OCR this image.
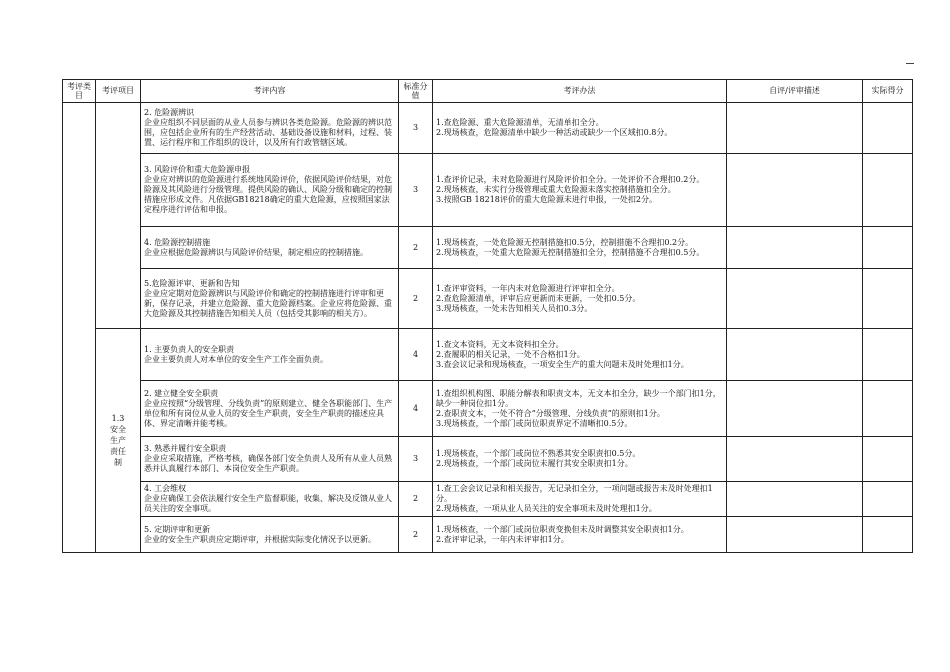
考评类目	考评项目	考评内容	标准分值	考评办法	自评/评审描述	实际得分

		2. 危险源辨识
企业应组织不同层面的从业人员参与辨识各类危险源。危险源的辨识范围，应包括企业所有的生产经营活动、基础设备设施和材料，过程、装置、运行程序和工作组织的设计，以及所有行政管辖区域。	3	1.查危险源、重大危险源清单，无清单扣全分。
2.现场核查，危险源清单中缺少一种活动或缺少一个区域扣0.8分。		

		3. 风险评价和重大危险源申报
企业应对辨识的危险源进行系统地风险评价，依据风险评价结果，对危险源及其风险进行分级管理。提供风险的确认、风险分级和确定的控制措施应形成文件。凡依据GB18218确定的重大危险源，应按照国家法定程序进行评估和申报。	3	1.查评价记录，未对危险源进行风险评价扣全分。一处评价不合理扣0.2分。
2.现场核查，未实行分级管理或重大危险源未落实控制措施扣全分。
3.按照GB 18218评价的重大危险源未进行申报，一处扣2分。		

		4. 危险源控制措施
企业应根据危险源辨识与风险评价结果，制定相应的控制措施。	2	1.现场核查，一处危险源无控制措施扣0.5分，控制措施不合理扣0.2分。
2.现场核查，一处重大危险源无控制措施扣全分，控制措施不合理扣0.5分。		

		5.危险源评审、更新和告知
企业应定期对危险源辨识与风险评价和确定的控制措施进行评审和更新，保存记录，并建立危险源、重大危险源档案。企业应将危险源、重大危险源及其控制措施告知相关人员（包括受其影响的相关方）。	2	1.查评审资料，一年内未对危险源进行评审扣全分。
2.查危险源清单，评审后应更新而未更新，一处扣0.5分。
3.现场核查，一处未告知相关人员扣0.3分。		

	1.3 安全生产责任制	1. 主要负责人的安全职责
企业主要负责人对本单位的安全生产工作全面负责。	4	1.查文本资料，无文本资料扣全分。
2.查履职的相关记录，一处不合格扣1分。
3.查会议记录和现场核查，一项安全生产的重大问题未及时处理扣1分。		

		2. 建立健全安全职责
企业应按照“分级管理、分线负责”的原则建立、健全各职能部门、生产单位和所有岗位从业人员的安全生产职责，安全生产职责的描述应具体、界定清晰并能考核。	4	1.查组织机构图、职能分解表和职责文本，无文本扣全分，缺少一个部门扣1分，缺少一种岗位扣1分。
2.查职责文本，一处不符合“分级管理、分线负责”的原则扣1分。
3.现场核查，一个部门或岗位职责界定不清晰扣0.5分。		

		3. 熟悉并履行安全职责
企业应采取措施，严格考核，确保各部门安全负责人及所有从业人员熟悉并认真履行本部门、本岗位安全生产职责。	3	1.现场核查，一个部门或岗位不熟悉其安全职责扣0.5分。
2.现场核查，一个部门或岗位未履行其安全职责扣1分。		

		4. 工会维权
企业应确保工会依法履行安全生产监督职能，收集、解决及反馈从业人员关注的安全事项。	2	1.查工会会议记录和相关报告，无记录扣全分，一项问题或报告未及时处理扣1分。
2.现场核查，一项从业人员关注的安全事项未及时处理扣1分。		

		5. 定期评审和更新
企业的安全生产职责应定期评审，并根据实际变化情况予以更新。	2	1.现场核查，一个部门或岗位职责变换但未及时调整其安全职责扣1分。
2.查评审记录，一年内未评审扣1分。		
